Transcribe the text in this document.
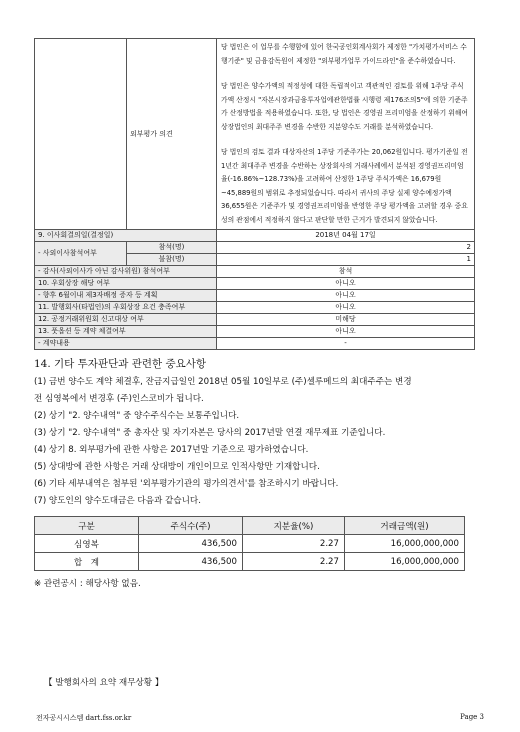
	외부평가 의견	당 법인은 이 업무를 수행함에 있어 한국공인회계사회가 제정한 "가치평가서비스 수행기준" 및 금융감독원이 제정한 "외부평가업무 가이드라인"을 준수하였습니다.

당 법인은 양수가액의 적정성에 대한 독립적이고 객관적인 검토를 위해 1주당 주식가액 산정시 "자본시장과금융투자업에관한법률 시행령 제176조의5"에 의한 기준주가 산정방법을 적용하였습니다. 또한, 당 법인은 경영권 프리미엄을 산정하기 위해여상장법인의 최대주주 변경을 수반한 지분양수도 거래를 분석하였습니다.

당 법인의 검토 결과 대상자산의 1주당 기준주가는 20,062원입니다. 평가기준일 전 1년간 최대주주 변경을 수반하는 상장회사의 거래사례에서 분석된 경영권프리미엄율(-16.86%~128.73%)을 고려하여 산정한 1주당 주식가액은 16,679원~45,889원의 범위로 추정되었습니다. 따라서 귀사의 주당 실제 양수예정가액 36,655원은 기준주가 및 경영권프리미엄을 반영한 주당 평가액을 고려할 경우 중요성의 관점에서 적정하지 않다고 판단할 만한 근거가 발견되지 않았습니다.

9. 이사회결의일(결정일)		2018년 04월 17일
- 사외이사참석여부	참석(명)	2
	불참(명)	1
- 감사(사외이사가 아닌 감사위원) 참석여부		참석
10. 우회상장 해당 여부		아니오
- 향후 6월이내 제3자배정 증자 등 계획		아니오
11. 발행회사(타법인)의 우회상장 요건 충족여부		아니오
12. 공정거래위원회 신고대상 여부		미해당
13. 풋옵션 등 계약 체결여부		아니오
- 계약내용		-
14. 기타 투자판단과 관련한 중요사항
(1) 금번 양수도 계약 체결후, 잔금지급일인 2018년 05월 10일부로 (주)셀루메드의 최대주주는 변경
전 심영복에서 변경후 (주)인스코비가 됩니다.
(2) 상기 "2. 양수내역" 중 양수주식수는 보통주입니다.
(3) 상기 "2. 양수내역" 중 총자산 및 자기자본은 당사의 2017년말 연결 재무제표 기준입니다.
(4) 상기 8. 외부평가에 관한 사항은 2017년말 기준으로 평가하였습니다.
(5) 상대방에 관한 사항은 거래 상대방이 개인이므로 인적사항만 기재합니다.
(6) 기타 세부내역은 첨부된 '외부평가기관의 평가의견서'를 참조하시기 바랍니다.
(7) 양도인의 양수도대금은 다음과 같습니다.
구분	주식수(주)	지분율(%)	거래금액(원)
심영복	436,500	2.27	16,000,000,000
합　계	436,500	2.27	16,000,000,000
※ 관련공시 : 해당사항 없음.
【 발행회사의 요약 재무상황 】
전자공시시스템 dart.fss.or.kr	Page 3
